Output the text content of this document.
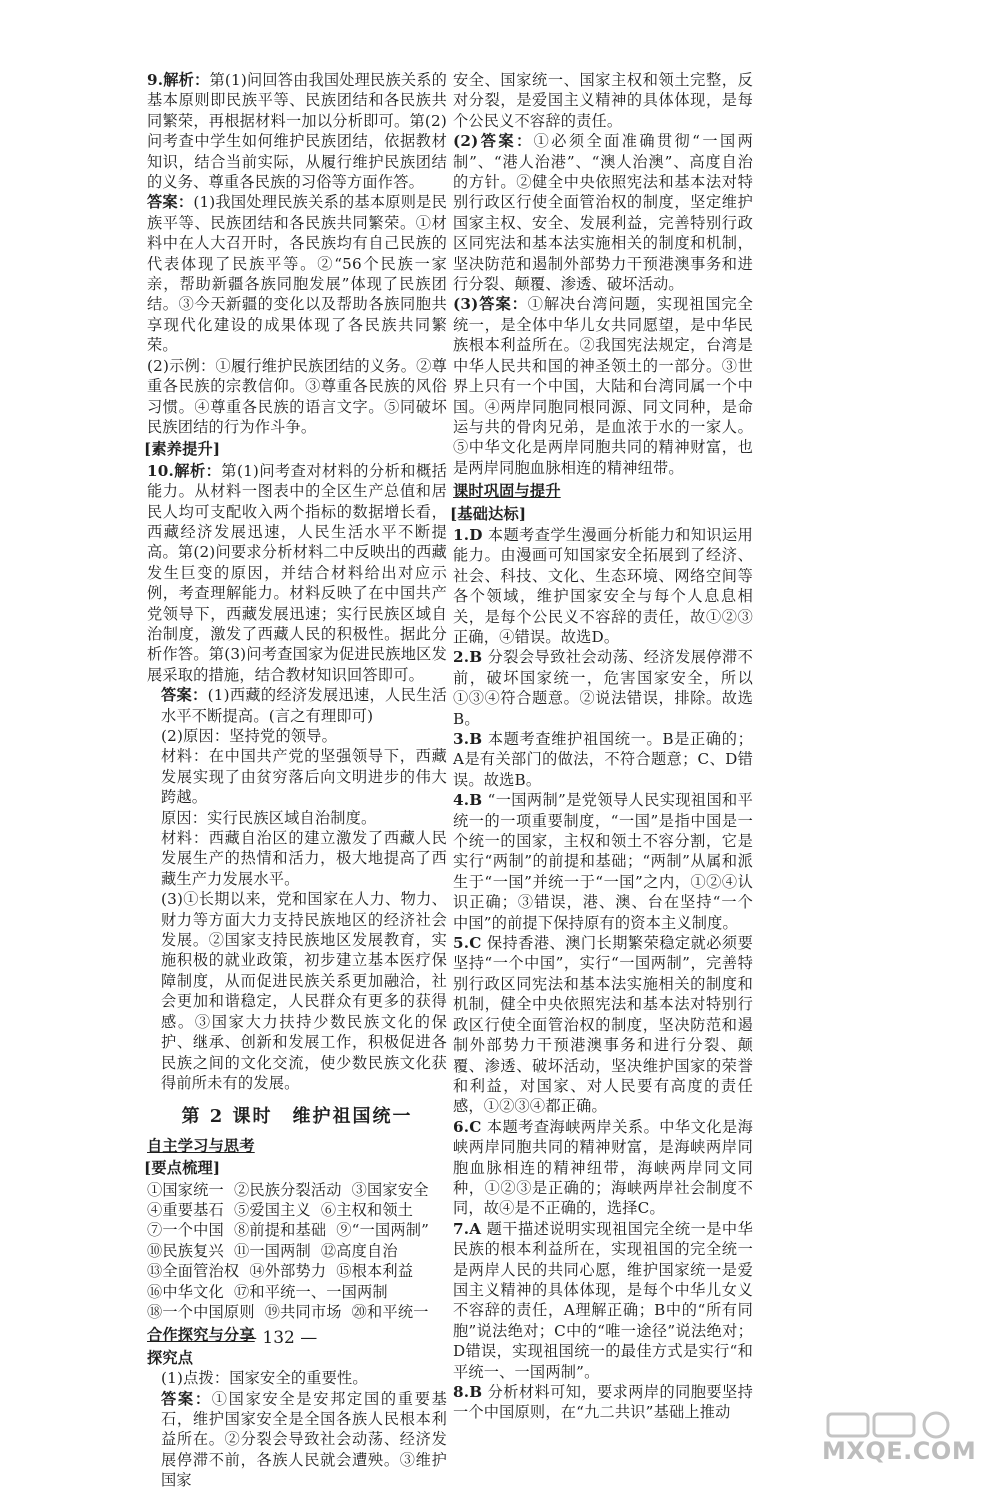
9.解析：第(1)问回答由我国处理民族关系的基本原则即民族平等、民族团结和各民族共同繁荣，再根据材料一加以分析即可。第(2)问考查中学生如何维护民族团结，依据教材知识，结合当前实际，从履行维护民族团结的义务、尊重各民族的习俗等方面作答。

答案：(1)我国处理民族关系的基本原则是民族平等、民族团结和各民族共同繁荣。①材料中在人大召开时，各民族均有自己民族的代表体现了民族平等。②“56个民族一家亲，帮助新疆各族同胞发展”体现了民族团结。③今天新疆的变化以及帮助各族同胞共享现代化建设的成果体现了各民族共同繁荣。

(2)示例：①履行维护民族团结的义务。②尊重各民族的宗教信仰。③尊重各民族的风俗习惯。④尊重各民族的语言文字。⑤同破坏民族团结的行为作斗争。

[素养提升]

10.解析：第(1)问考查对材料的分析和概括能力。从材料一图表中的全区生产总值和居民人均可支配收入两个指标的数据增长看，西藏经济发展迅速，人民生活水平不断提高。第(2)问要求分析材料二中反映出的西藏发生巨变的原因，并结合材料给出对应示例，考查理解能力。材料反映了在中国共产党领导下，西藏发展迅速；实行民族区域自治制度，激发了西藏人民的积极性。据此分析作答。第(3)问考查国家为促进民族地区发展采取的措施，结合教材知识回答即可。

答案：(1)西藏的经济发展迅速，人民生活水平不断提高。(言之有理即可)

(2)原因：坚持党的领导。

材料：在中国共产党的坚强领导下，西藏发展实现了由贫穷落后向文明进步的伟大跨越。

原因：实行民族区域自治制度。

材料：西藏自治区的建立激发了西藏人民发展生产的热情和活力，极大地提高了西藏生产力发展水平。

(3)①长期以来，党和国家在人力、物力、财力等方面大力支持民族地区的经济社会发展。②国家支持民族地区发展教育，实施积极的就业政策，初步建立基本医疗保障制度，从而促进民族关系更加融洽，社会更加和谐稳定，人民群众有更多的获得感。③国家大力扶持少数民族文化的保护、继承、创新和发展工作，积极促进各民族之间的文化交流，使少数民族文化获得前所未有的发展。

第 2 课时　维护祖国统一
自主学习与思考
[要点梳理]

①国家统一 ②民族分裂活动 ③国家安全④重要基石 ⑤爱国主义 ⑥主权和领土⑦一个中国 ⑧前提和基础 ⑨“一国两制”⑩民族复兴 ⑪一国两制 ⑫高度自治⑬全面管治权 ⑭外部势力 ⑮根本利益⑯中华文化 ⑰和平统一、一国两制⑱一个中国原则 ⑲共同市场 ⑳和平统一

合作探究与分享
探究点

(1)点拨：国家安全的重要性。

答案：①国家安全是安邦定国的重要基石，维护国家安全是全国各族人民根本利益所在。②分裂会导致社会动荡、经济发展停滞不前，各族人民就会遭殃。③维护国家

安全、国家统一、国家主权和领土完整，反对分裂，是爱国主义精神的具体体现，是每个公民义不容辞的责任。

(2)答案：①必须全面准确贯彻“一国两制”、“港人治港”、“澳人治澳”、高度自治的方针。②健全中央依照宪法和基本法对特别行政区行使全面管治权的制度，坚定维护国家主权、安全、发展利益，完善特别行政区同宪法和基本法实施相关的制度和机制，坚决防范和遏制外部势力干预港澳事务和进行分裂、颠覆、渗透、破坏活动。

(3)答案：①解决台湾问题，实现祖国完全统一，是全体中华儿女共同愿望，是中华民族根本利益所在。②我国宪法规定，台湾是中华人民共和国的神圣领土的一部分。③世界上只有一个中国，大陆和台湾同属一个中国。④两岸同胞同根同源、同文同种，是命运与共的骨肉兄弟，是血浓于水的一家人。⑤中华文化是两岸同胞共同的精神财富，也是两岸同胞血脉相连的精神纽带。

课时巩固与提升
[基础达标]

1.D 本题考查学生漫画分析能力和知识运用能力。由漫画可知国家安全拓展到了经济、社会、科技、文化、生态环境、网络空间等各个领域，维护国家安全与每个人息息相关，是每个公民义不容辞的责任，故①②③正确，④错误。故选D。

2.B 分裂会导致社会动荡、经济发展停滞不前，破坏国家统一，危害国家安全，所以①③④符合题意。②说法错误，排除。故选B。

3.B 本题考查维护祖国统一。B是正确的；A是有关部门的做法，不符合题意；C、D错误。故选B。

4.B “一国两制”是党领导人民实现祖国和平统一的一项重要制度，“一国”是指中国是一个统一的国家，主权和领土不容分割，它是实行“两制”的前提和基础；“两制”从属和派生于“一国”并统一于“一国”之内，①②④认识正确；③错误，港、澳、台在坚持“一个中国”的前提下保持原有的资本主义制度。

5.C 保持香港、澳门长期繁荣稳定就必须要坚持“一个中国”，实行“一国两制”，完善特别行政区同宪法和基本法实施相关的制度和机制，健全中央依照宪法和基本法对特别行政区行使全面管治权的制度，坚决防范和遏制外部势力干预港澳事务和进行分裂、颠覆、渗透、破坏活动，坚决维护国家的荣誉和利益，对国家、对人民要有高度的责任感，①②③④都正确。

6.C 本题考查海峡两岸关系。中华文化是海峡两岸同胞共同的精神财富，是海峡两岸同胞血脉相连的精神纽带，海峡两岸同文同种，①②③是正确的；海峡两岸社会制度不同，故④是不正确的，选择C。

7.A 题干描述说明实现祖国完全统一是中华民族的根本利益所在，实现祖国的完全统一是两岸人民的共同心愿，维护国家统一是爱国主义精神的具体体现，是每个中华儿女义不容辞的责任，A理解正确；B中的“所有同胞”说法绝对；C中的“唯一途径”说法绝对；D错误，实现祖国统一的最佳方式是实行“和平统一、一国两制”。

8.B 分析材料可知，要求两岸的同胞要坚持一个中国原则，在“九二共识”基础上推动

— 132 —
MXQE.COM
